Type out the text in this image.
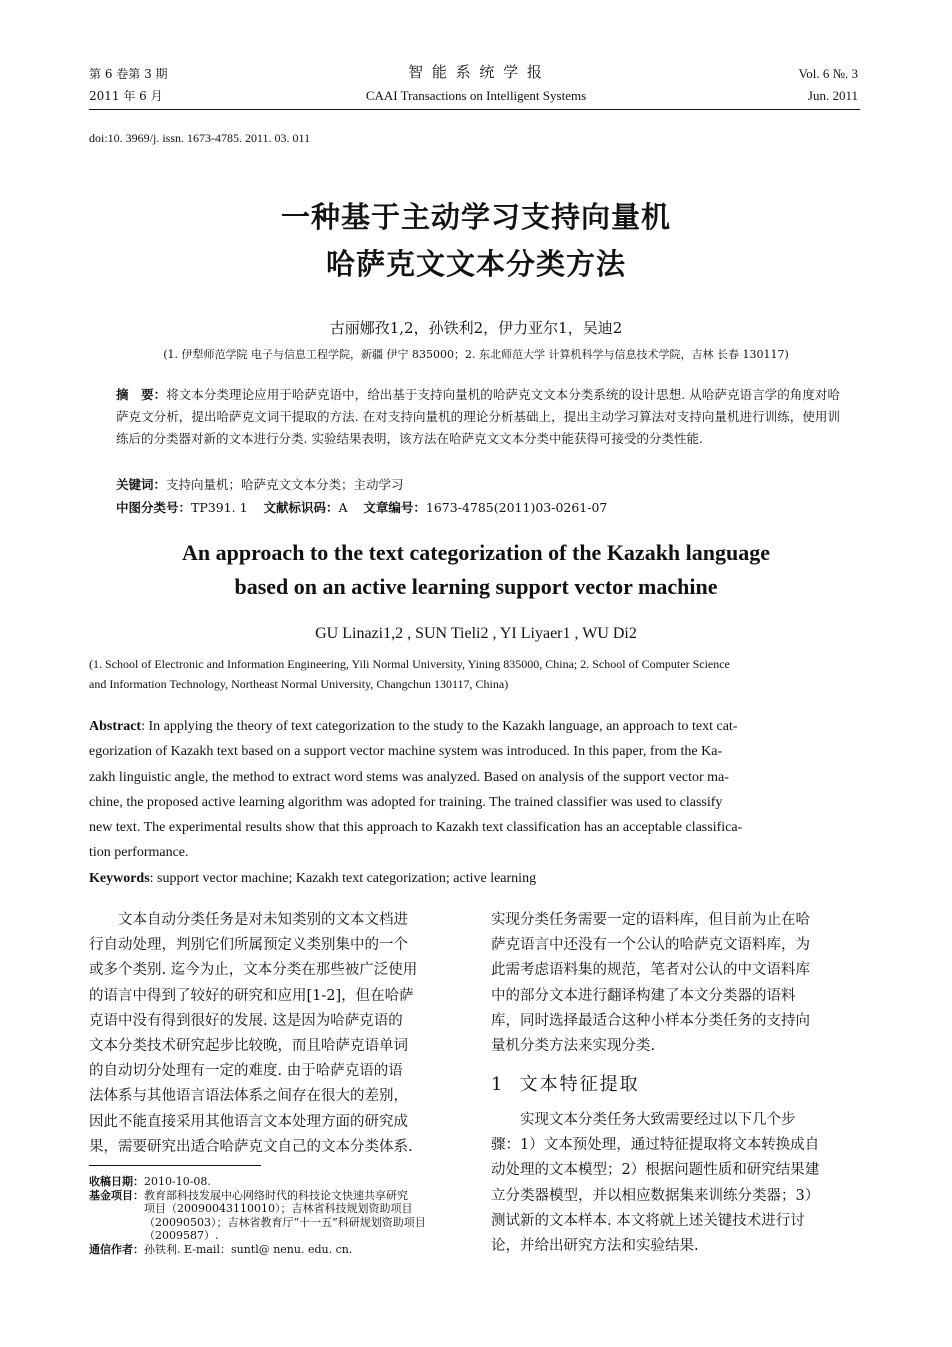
第 6 卷第 3 期
2011 年 6 月
智 能 系 统 学 报
CAAI Transactions on Intelligent Systems
Vol. 6 №. 3
Jun. 2011
doi:10. 3969/j. issn. 1673-4785. 2011. 03. 011
一种基于主动学习支持向量机
哈萨克文文本分类方法
古丽娜孜1,2，孙铁利2，伊力亚尔1，吴迪2
(1. 伊犁师范学院 电子与信息工程学院，新疆 伊宁 835000；2. 东北师范大学 计算机科学与信息技术学院，吉林 长春 130117)
摘　要：将文本分类理论应用于哈萨克语中，给出基于支持向量机的哈萨克文文本分类系统的设计思想. 从哈萨克语言学的角度对哈萨克文分析，提出哈萨克文词干提取的方法. 在对支持向量机的理论分析基础上，提出主动学习算法对支持向量机进行训练，使用训练后的分类器对新的文本进行分类. 实验结果表明，该方法在哈萨克文文本分类中能获得可接受的分类性能.
关键词：支持向量机；哈萨克文文本分类；主动学习
中图分类号：TP391. 1 文献标识码：A 文章编号：1673-4785(2011)03-0261-07
An approach to the text categorization of the Kazakh language
based on an active learning support vector machine
GU Linazi1,2 , SUN Tieli2 , YI Liyaer1 , WU Di2
(1. School of Electronic and Information Engineering, Yili Normal University, Yining 835000, China; 2. School of Computer Science
and Information Technology, Northeast Normal University, Changchun 130117, China)
Abstract: In applying the theory of text categorization to the study to the Kazakh language, an approach to text cat-
egorization of Kazakh text based on a support vector machine system was introduced. In this paper, from the Ka-
zakh linguistic angle, the method to extract word stems was analyzed. Based on analysis of the support vector ma-
chine, the proposed active learning algorithm was adopted for training. The trained classifier was used to classify
new text. The experimental results show that this approach to Kazakh text classification has an acceptable classifica-
tion performance.
Keywords: support vector machine; Kazakh text categorization; active learning
　　文本自动分类任务是对未知类别的文本文档进
行自动处理，判别它们所属预定义类别集中的一个
或多个类别. 迄今为止，文本分类在那些被广泛使用
的语言中得到了较好的研究和应用[1-2]，但在哈萨
克语中没有得到很好的发展. 这是因为哈萨克语的
文本分类技术研究起步比较晚，而且哈萨克语单词
的自动切分处理有一定的难度. 由于哈萨克语的语
法体系与其他语言语法体系之间存在很大的差别，
因此不能直接采用其他语言文本处理方面的研究成
果，需要研究出适合哈萨克文自己的文本分类体系.
收稿日期：2010-10-08.
基金项目： 教育部科技发展中心网络时代的科技论文快速共享研究
项目（20090043110010）；吉林省科技规划资助项目
（20090503）；吉林省教育厅“十一五”科研规划资助项目
（2009587）.
通信作者：孙铁利. E-mail：suntl@ nenu. edu. cn.
实现分类任务需要一定的语料库，但目前为止在哈
萨克语言中还没有一个公认的哈萨克文语料库，为
此需考虑语料集的规范，笔者对公认的中文语料库
中的部分文本进行翻译构建了本文分类器的语料
库，同时选择最适合这种小样本分类任务的支持向
量机分类方法来实现分类.
1 文本特征提取
　　实现文本分类任务大致需要经过以下几个步
骤：1）文本预处理，通过特征提取将文本转换成自
动处理的文本模型；2）根据问题性质和研究结果建
立分类器模型，并以相应数据集来训练分类器；3）
测试新的文本样本. 本文将就上述关键技术进行讨
论，并给出研究方法和实验结果.
